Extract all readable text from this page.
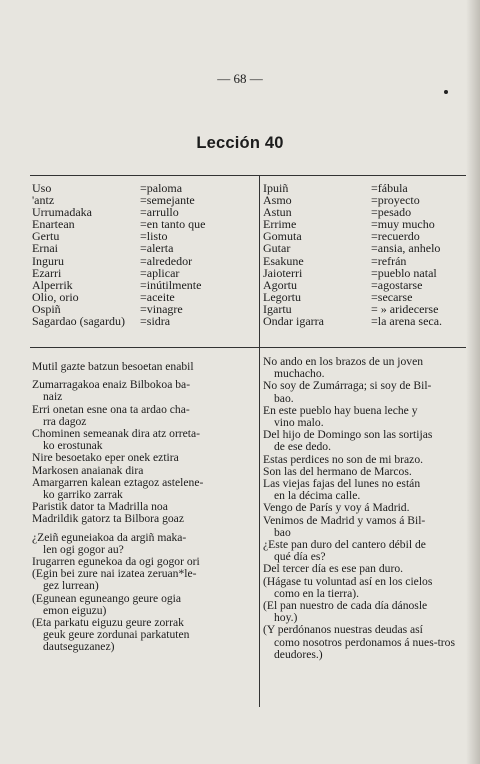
— 68 —
Lección 40
Uso	=paloma
'antz	=semejante
Urrumadaka	=arrullo
Enartean	=en tanto que
Gertu	=listo
Ernai	=alerta
Inguru	=alrededor
Ezarri	=aplicar
Alperrik	=inútilmente
Olio, orio	=aceite
Ospiñ	=vinagre
Sagardao (sagardu) =sidra
Ipuiñ	=fábula
Asmo	=proyecto
Astun	=pesado
Errime	=muy mucho
Gomuta	=recuerdo
Gutar	=ansia, anhelo
Esakune	=refrán
Jaioterri	=pueblo natal
Agortu	=agostarse
Legortu	=secarse
Igartu	= » aridecerse
Ondar igarra	=la arena seca.
Mutil gazte batzun besoetan enabil
Zumarragakoa enaiz Bilbokoa ba-
naiz
Erri onetan esne ona ta ardao cha-
rra dagoz
Chominen semeanak dira atz orreta-
ko erostunak
Nire besoetako eper onek eztira
Markosen anaianak dira
Amargarren kalean eztagoz astelene-
ko garriko zarrak
Paristik dator ta Madrilla noa
Madrildik gatorz ta Bilbora goaz
¿Zeiñ eguneiakoa da argiñ maka-
len ogi gogor au?
Irugarren egunekoa da ogi gogor ori
(Egin bei zure nai izatea zeruan*le-
gez lurrean)
(Egunean eguneango geure ogia
emon eiguzu)
(Eta parkatu eiguzu geure zorrak
geuk geure zordunai parkatuten dautseguzanez)
No ando en los brazos de un joven
muchacho.
No soy de Zumárraga; si soy de Bil-
bao.
En este pueblo hay buena leche y
vino malo.
Del hijo de Domingo son las sortijas
de ese dedo.
Estas perdices no son de mi brazo.
Son las del hermano de Marcos.
Las viejas fajas del lunes no están
en la décima calle.
Vengo de París y voy á Madrid.
Venimos de Madrid y vamos á Bil-
bao
¿Este pan duro del cantero débil de
qué día es?
Del tercer día es ese pan duro.
(Hágase tu voluntad así en los cielos
como en la tierra).
(El pan nuestro de cada día dánosle
hoy.)
(Y perdónanos nuestras deudas así
como nosotros perdonamos á nues-tros deudores.)
